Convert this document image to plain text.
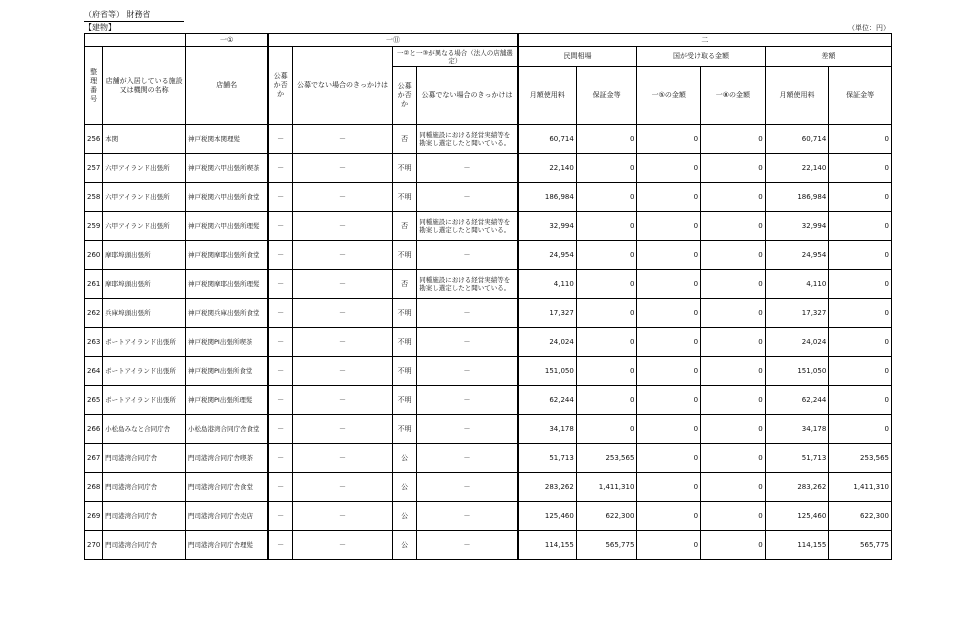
（府省等） 財務省
【建物】	（単位：円）
		一①	一⑪				二					
整理番号	店舗が入居している施設又は機関の名称	店舗名	公募か否か	公募でない場合のきっかけは	一②と一③が異なる場合（法人の店舗選定）		民間相場		国が受け取る金額		差額	
					公募か否か	公募でない場合のきっかけは	月額使用料	保証金等	一⑤の金額	一⑧の金額	月額使用料	保証金等
256	本関	神戸税関本関理髪	－	－	否	同種施設における経営実績等を勘案し選定したと聞いている。	60,714	0	0	0	60,714	0
257	六甲アイランド出張所	神戸税関六甲出張所喫茶	－	－	不明	－	22,140	0	0	0	22,140	0
258	六甲アイランド出張所	神戸税関六甲出張所食堂	－	－	不明	－	186,984	0	0	0	186,984	0
259	六甲アイランド出張所	神戸税関六甲出張所理髪	－	－	否	同種施設における経営実績等を勘案し選定したと聞いている。	32,994	0	0	0	32,994	0
260	摩耶埠頭出張所	神戸税関摩耶出張所食堂	－	－	不明	－	24,954	0	0	0	24,954	0
261	摩耶埠頭出張所	神戸税関摩耶出張所理髪	－	－	否	同種施設における経営実績等を勘案し選定したと聞いている。	4,110	0	0	0	4,110	0
262	兵庫埠頭出張所	神戸税関兵庫出張所食堂	－	－	不明	－	17,327	0	0	0	17,327	0
263	ポートアイランド出張所	神戸税関PI出張所喫茶	－	－	不明	－	24,024	0	0	0	24,024	0
264	ポートアイランド出張所	神戸税関PI出張所食堂	－	－	不明	－	151,050	0	0	0	151,050	0
265	ポートアイランド出張所	神戸税関PI出張所理髪	－	－	不明	－	62,244	0	0	0	62,244	0
266	小松島みなと合同庁舎	小松島港湾合同庁舎食堂	－	－	不明	－	34,178	0	0	0	34,178	0
267	門司港湾合同庁舎	門司港湾合同庁舎喫茶	－	－	公	－	51,713	253,565	0	0	51,713	253,565
268	門司港湾合同庁舎	門司港湾合同庁舎食堂	－	－	公	－	283,262	1,411,310	0	0	283,262	1,411,310
269	門司港湾合同庁舎	門司港湾合同庁舎売店	－	－	公	－	125,460	622,300	0	0	125,460	622,300
270	門司港湾合同庁舎	門司港湾合同庁舎理髪	－	－	公	－	114,155	565,775	0	0	114,155	565,775
